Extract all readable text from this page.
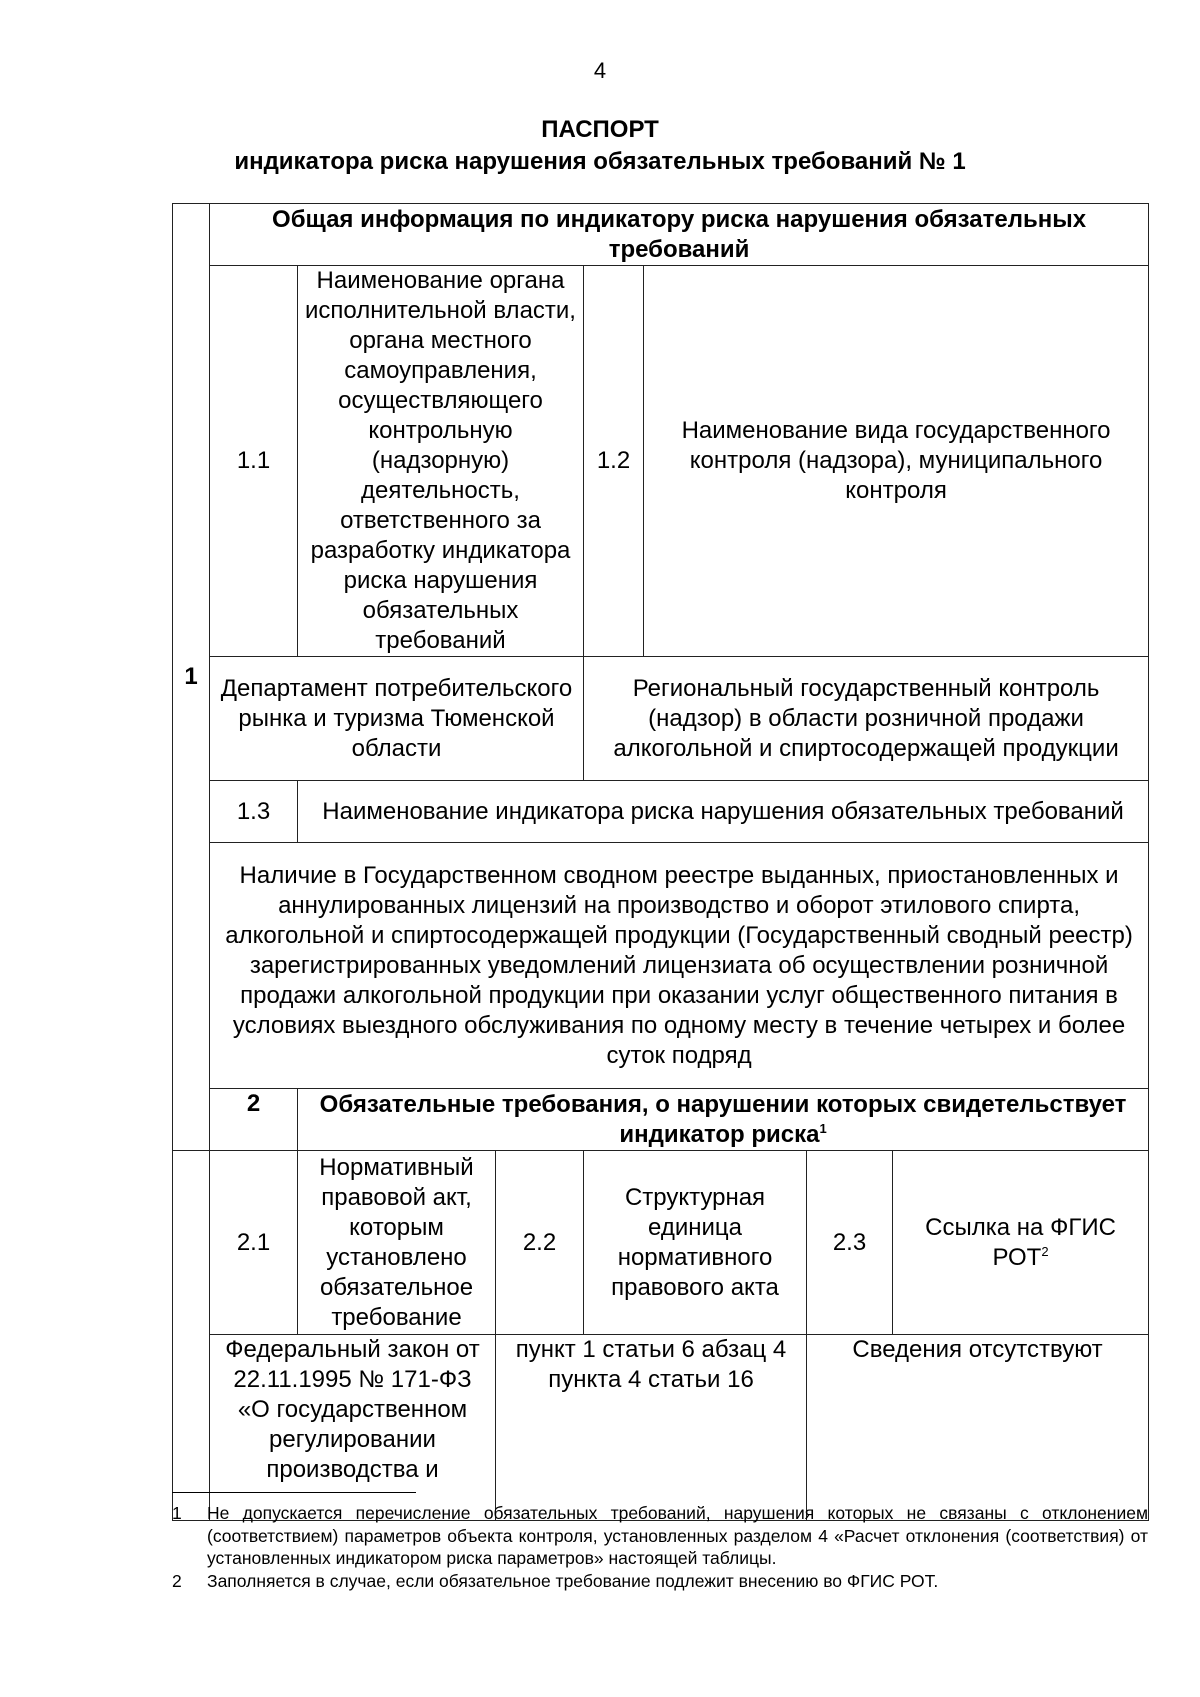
4
ПАСПОРТ
индикатора риска нарушения обязательных требований № 1
1	Общая информация по индикатору риска нарушения обязательных требований						
	1.1	Наименование органа исполнительной власти, органа местного самоуправления, осуществляющего контрольную (надзорную) деятельность, ответственного за разработку индикатора риска нарушения обязательных требований		1.2	Наименование вида государственного контроля (надзора), муниципального контроля		
	Департамент потребительского рынка и туризма Тюменской области			Региональный государственный контроль (надзор) в области розничной продажи алкогольной и спиртосодержащей продукции			
	1.3	Наименование индикатора риска нарушения обязательных требований					
	Наличие в Государственном сводном реестре выданных, приостановленных и аннулированных лицензий на производство и оборот этилового спирта, алкогольной и спиртосодержащей продукции (Государственный сводный реестр) зарегистрированных уведомлений лицензиата об осуществлении розничной продажи алкогольной продукции при оказании услуг общественного питания в условиях выездного обслуживания по одному месту в течение четырех и более суток подряд						
	2	Обязательные требования, о нарушении которых свидетельствует индикатор риска$^1$
	2.1	Нормативный правовой акт, которым установлено обязательное требование	2.2	Структурная единица нормативного правового акта		2.3	Ссылка на ФГИС РОТ$^2$
	Федеральный закон от 22.11.1995 № 171-ФЗ «О государственном регулировании производства и		пункт 1 статьи 6 абзац 4 пункта 4 статьи 16			Сведения отсутствуют	
1	Не допускается перечисление обязательных требований, нарушения которых не связаны с отклонением (соответствием) параметров объекта контроля, установленных разделом 4 «Расчет отклонения (соответствия) от установленных индикатором риска параметров» настоящей таблицы.
2	Заполняется в случае, если обязательное требование подлежит внесению во ФГИС РОТ.
